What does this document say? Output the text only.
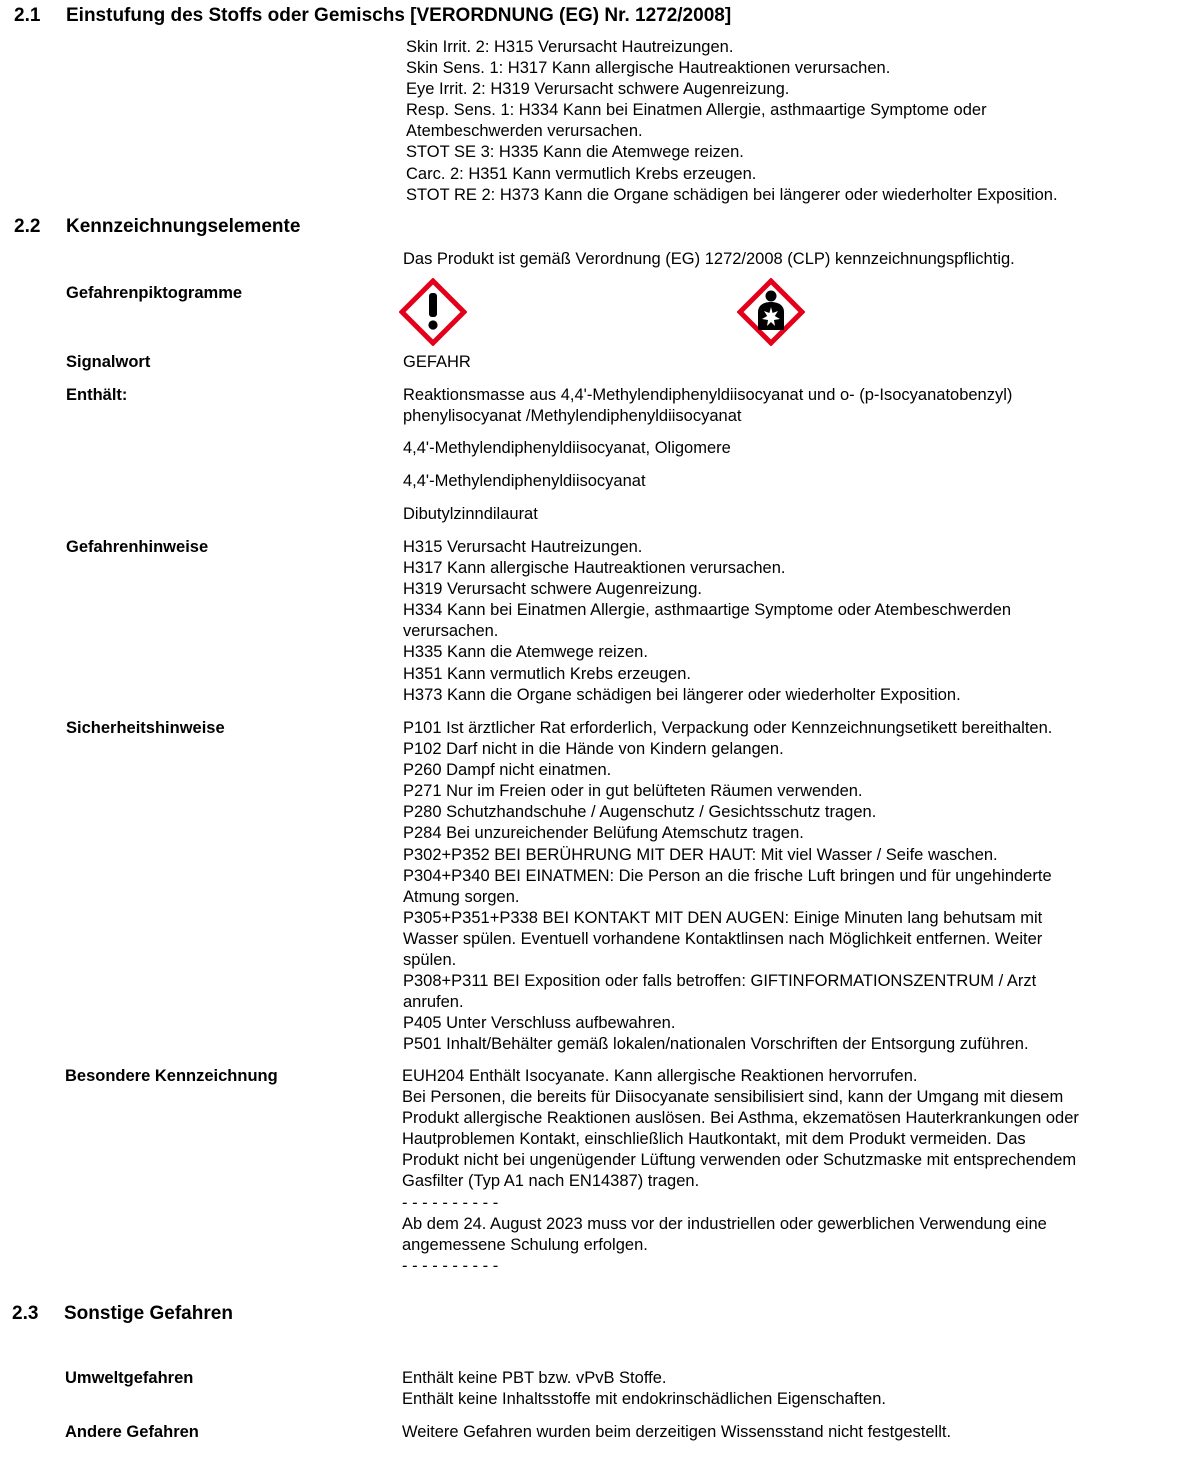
2.1 Einstufung des Stoffs oder Gemischs [VERORDNUNG (EG) Nr. 1272/2008]
Skin Irrit. 2: H315 Verursacht Hautreizungen.
Skin Sens. 1: H317 Kann allergische Hautreaktionen verursachen.
Eye Irrit. 2: H319 Verursacht schwere Augenreizung.
Resp. Sens. 1: H334 Kann bei Einatmen Allergie, asthmaartige Symptome oder
Atembeschwerden verursachen.
STOT SE 3: H335 Kann die Atemwege reizen.
Carc. 2: H351 Kann vermutlich Krebs erzeugen.
STOT RE 2: H373 Kann die Organe schädigen bei längerer oder wiederholter Exposition.
2.2 Kennzeichnungselemente
Das Produkt ist gemäß Verordnung (EG) 1272/2008 (CLP) kennzeichnungspflichtig.
Gefahrenpiktogramme
Signalwort	GEFAHR
Enthält:	Reaktionsmasse aus 4,4'-Methylendiphenyldiisocyanat und o- (p-Isocyanatobenzyl)
phenylisocyanat /Methylendiphenyldiisocyanat
4,4'-Methylendiphenyldiisocyanat, Oligomere
4,4'-Methylendiphenyldiisocyanat
Dibutylzinndilaurat
Gefahrenhinweise	H315 Verursacht Hautreizungen.
H317 Kann allergische Hautreaktionen verursachen.
H319 Verursacht schwere Augenreizung.
H334 Kann bei Einatmen Allergie, asthmaartige Symptome oder Atembeschwerden
verursachen.
H335 Kann die Atemwege reizen.
H351 Kann vermutlich Krebs erzeugen.
H373 Kann die Organe schädigen bei längerer oder wiederholter Exposition.
Sicherheitshinweise	P101 Ist ärztlicher Rat erforderlich, Verpackung oder Kennzeichnungsetikett bereithalten.
P102 Darf nicht in die Hände von Kindern gelangen.
P260 Dampf nicht einatmen.
P271 Nur im Freien oder in gut belüfteten Räumen verwenden.
P280 Schutzhandschuhe / Augenschutz / Gesichtsschutz tragen.
P284 Bei unzureichender Belüfung Atemschutz tragen.
P302+P352 BEI BERÜHRUNG MIT DER HAUT: Mit viel Wasser / Seife waschen.
P304+P340 BEI EINATMEN: Die Person an die frische Luft bringen und für ungehinderte
Atmung sorgen.
P305+P351+P338 BEI KONTAKT MIT DEN AUGEN: Einige Minuten lang behutsam mit
Wasser spülen. Eventuell vorhandene Kontaktlinsen nach Möglichkeit entfernen. Weiter
spülen.
P308+P311 BEI Exposition oder falls betroffen: GIFTINFORMATIONSZENTRUM / Arzt
anrufen.
P405 Unter Verschluss aufbewahren.
P501 Inhalt/Behälter gemäß lokalen/nationalen Vorschriften der Entsorgung zuführen.
Besondere Kennzeichnung	EUH204 Enthält Isocyanate. Kann allergische Reaktionen hervorrufen.
Bei Personen, die bereits für Diisocyanate sensibilisiert sind, kann der Umgang mit diesem
Produkt allergische Reaktionen auslösen. Bei Asthma, ekzematösen Hauterkrankungen oder
Hautproblemen Kontakt, einschließlich Hautkontakt, mit dem Produkt vermeiden. Das
Produkt nicht bei ungenügender Lüftung verwenden oder Schutzmaske mit entsprechendem
Gasfilter (Typ A1 nach EN14387) tragen.
- - - - - - - - - -
Ab dem 24. August 2023 muss vor der industriellen oder gewerblichen Verwendung eine
angemessene Schulung erfolgen.
- - - - - - - - - -
2.3 Sonstige Gefahren
Umweltgefahren	Enthält keine PBT bzw. vPvB Stoffe.
Enthält keine Inhaltsstoffe mit endokrinschädlichen Eigenschaften.
Andere Gefahren	Weitere Gefahren wurden beim derzeitigen Wissensstand nicht festgestellt.
